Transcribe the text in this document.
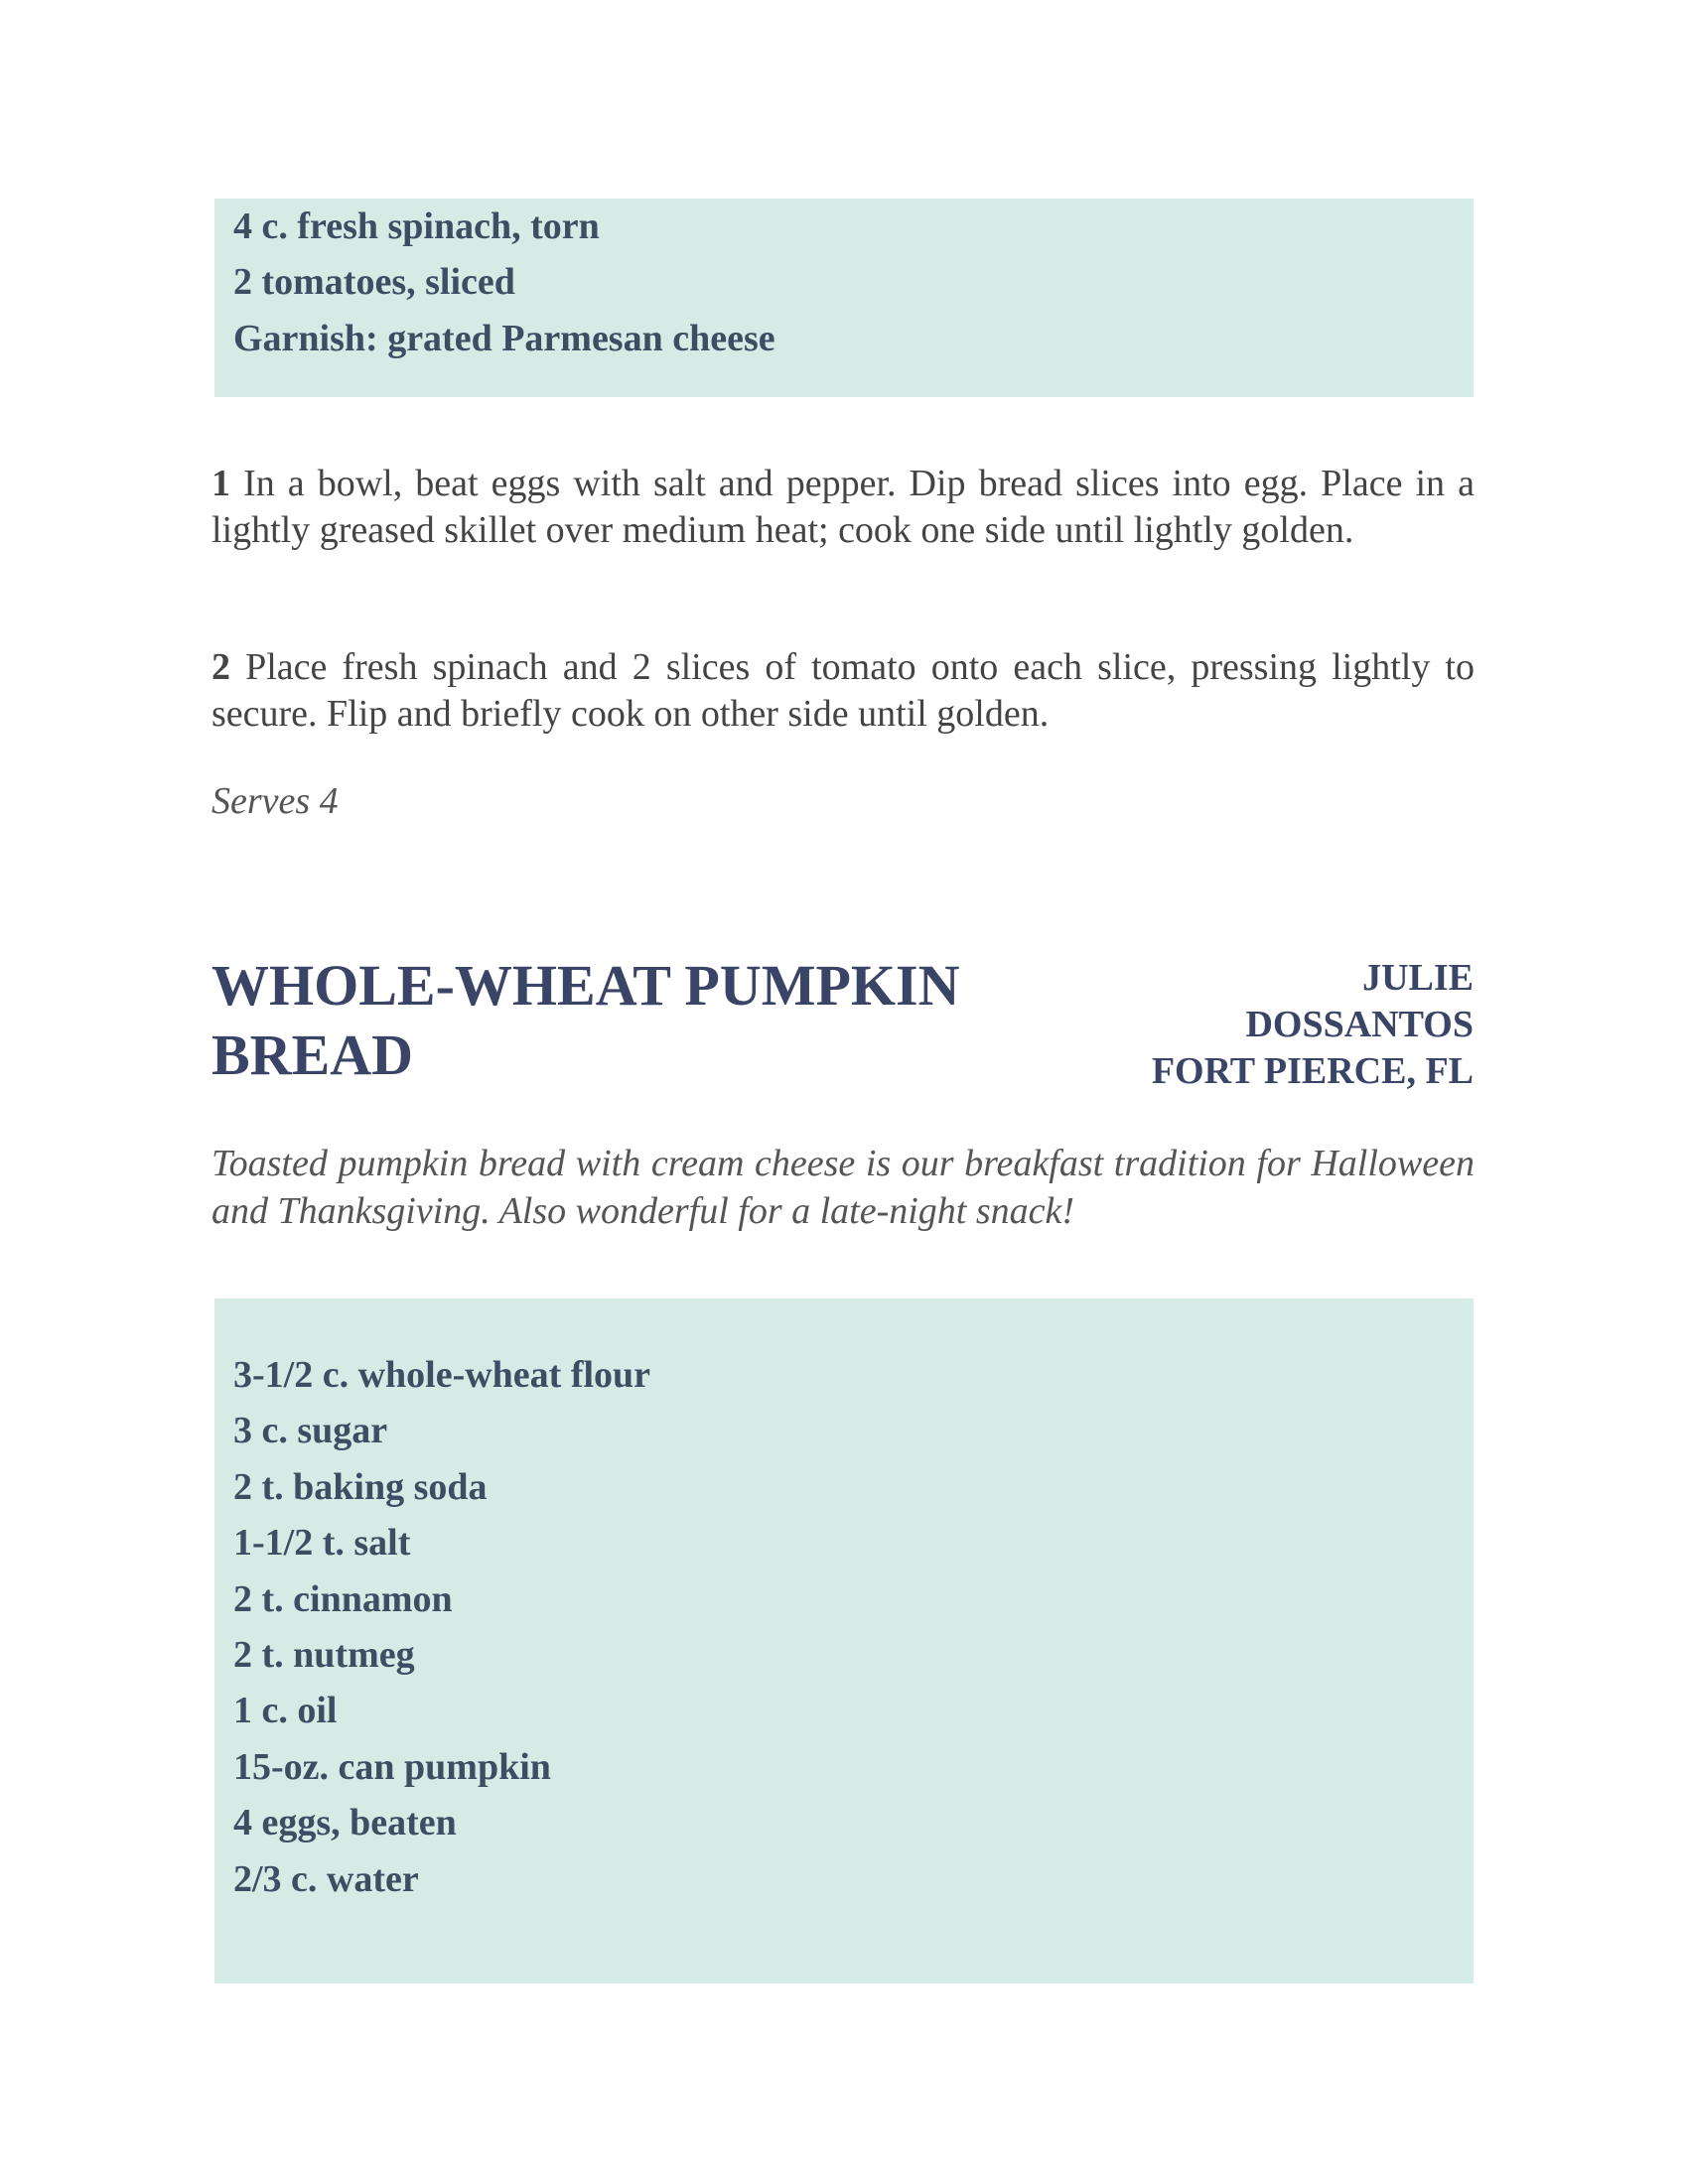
4 c. fresh spinach, torn
2 tomatoes, sliced
Garnish: grated Parmesan cheese

1 In a bowl, beat eggs with salt and pepper. Dip bread slices into egg. Place in a lightly greased skillet over medium heat; cook one side until lightly golden.

2 Place fresh spinach and 2 slices of tomato onto each slice, pressing lightly to secure. Flip and briefly cook on other side until golden.

Serves 4

WHOLE-WHEAT PUMPKIN BREAD
JULIE
DOSSANTOS
FORT PIERCE, FL

Toasted pumpkin bread with cream cheese is our breakfast tradition for Halloween and Thanksgiving. Also wonderful for a late-night snack!

3-1/2 c. whole-wheat flour
3 c. sugar
2 t. baking soda
1-1/2 t. salt
2 t. cinnamon
2 t. nutmeg
1 c. oil
15-oz. can pumpkin
4 eggs, beaten
2/3 c. water
